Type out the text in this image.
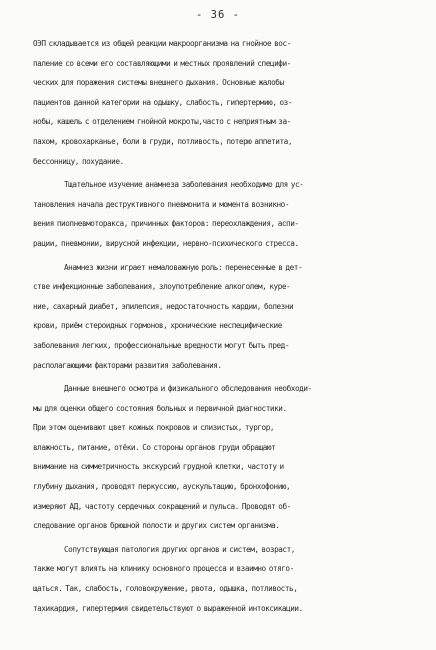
- 36 -
ОЭП складывается из общей реакции макроорганизма на гнойное вос-
паление со всеми его составляющими и местных проявлений специфи-
ческих для поражения системы внешнего дыхания. Основные жалобы
пациентов данной категории на одышку, слабость, гипертермию, оз-
нобы, кашель с отделением гнойной мокроты,часто с неприятным за-
пахом, кровохарканье, боли в груди, потливость, потерю аппетита,
бессонницу, похудание.
Тщательное изучение анамнеза заболевания необходимо для ус-
тановления начала деструктивного пневмонита и момента возникно-
вения пиопневмоторакса, причинных факторов: переохлаждения, аспи-
рации, пневмонии, вирусной инфекции, нервно-психического стресса.
Анамнез жизни играет немаловажную роль: перенесенные в дет-
стве инфекционные заболевания, злоупотребление алкоголем, куре-
ние, сахарный диабет, эпилепсия, недостаточность кардии, болезни
крови, приём стероидных гормонов, хронические неспецифические
заболевания легких, профессиональные вредности могут быть пред-
располагающими факторами развития заболевания.
Данные внешнего осмотра и физикального обследования необходи-
мы для оценки общего состояния больных и первичной диагностики.
При этом оценивают цвет кожных покровов и слизистых, тургор,
влажность, питание, отёки. Со стороны органов груди обращают
внимание на симметричность экскурсий грудной клетки, частоту и
глубину дыхания, проводят перкуссию, аускультацию, бронхофонию,
измеряют АД, частоту сердечных сокращений и пульса. Проводят об-
следование органов брюшной полости и других систем организма.
Сопутствующая патология других органов и систем, возраст,
также могут влиять на клинику основного процесса и взаимно отяго-
щаться. Так, слабость, головокружение, рвота, одышка, потливость,
тахикардия, гипертермия свидетельствуют о выраженной интоксикации.
